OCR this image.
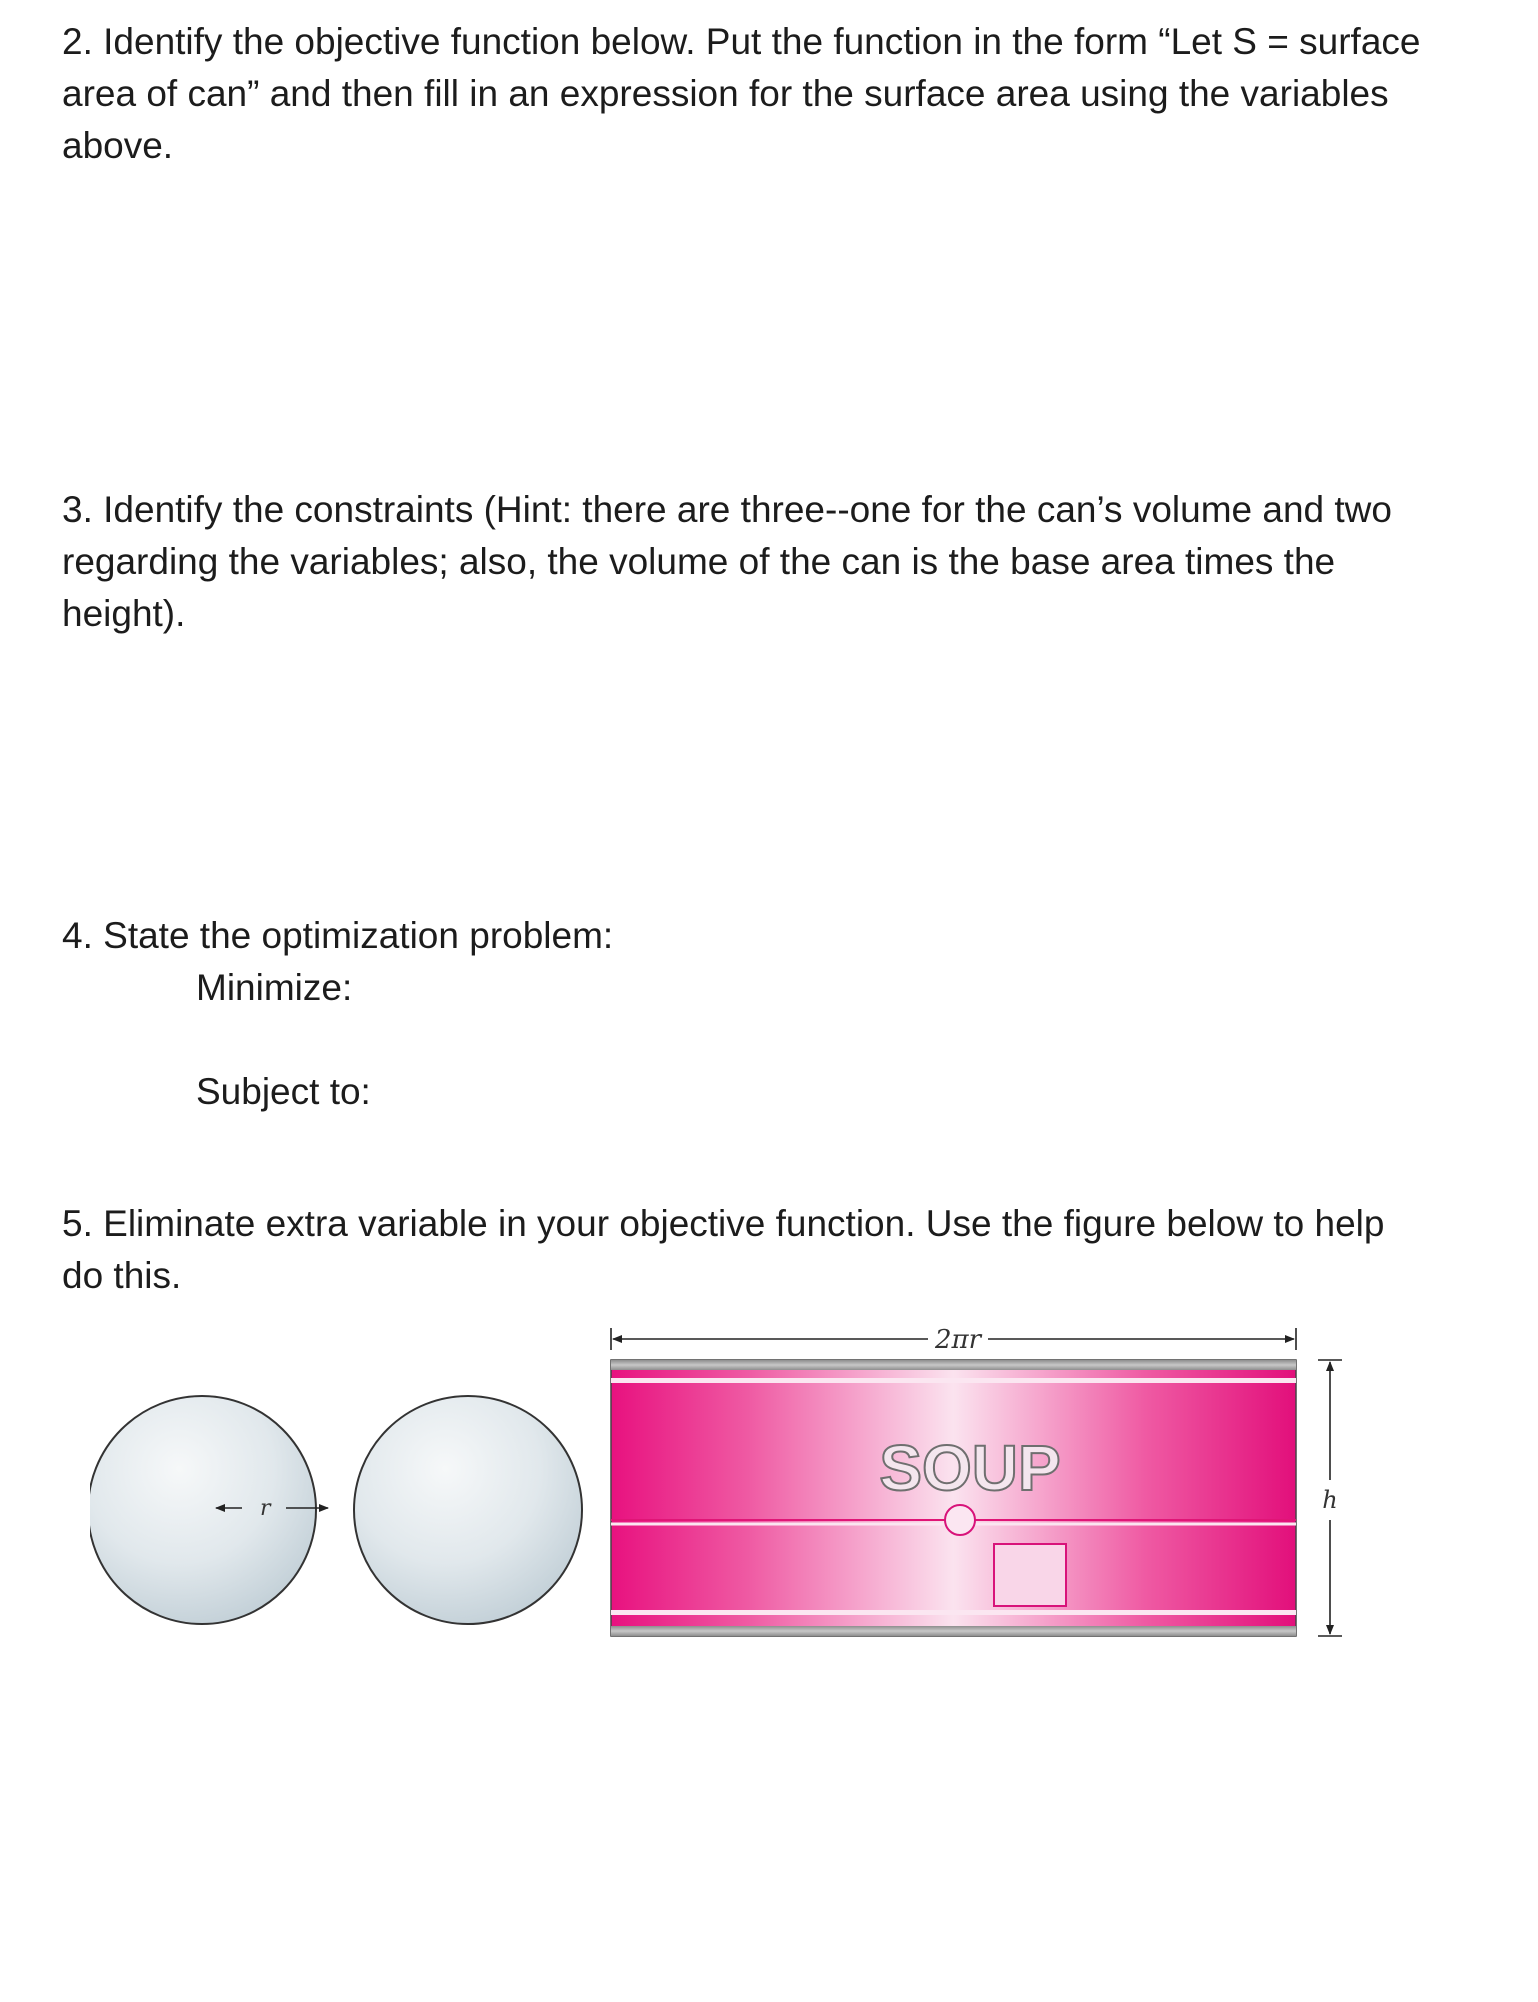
2. Identify the objective function below. Put the function in the form “Let S = surface area of can” and then fill in an expression for the surface area using the variables above.

3. Identify the constraints (Hint: there are three--one for the can’s volume and two regarding the variables; also, the volume of the can is the base area times the height).

4. State the optimization problem:

Minimize:

Subject to:

5. Eliminate extra variable in your objective function. Use the figure below to help do this.

r
2πr
SOUP	h
